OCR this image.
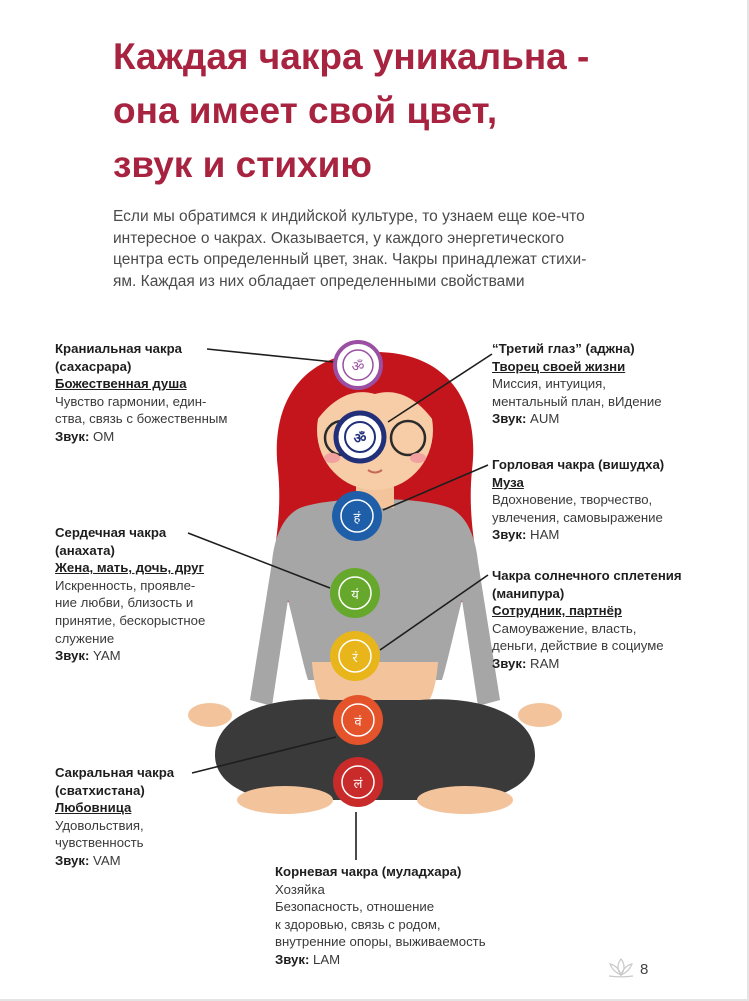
Каждая чакра уникальна -
она имеет свой цвет,
звук и стихию
Если мы обратимся к индийской культуре, то узнаем еще кое-что
интересное о чакрах. Оказывается, у каждого энергетического
центра есть определенный цвет, знак. Чакры принадлежат стихи-
ям. Каждая из них обладает определенными свойствами
ॐ
ॐ
हं
यं
रं
वं
लं
Краниальная чакра
(сахасрара)
Божественная душа
Чувство гармонии, един-
ства, связь с божественным
Звук: ОМ
“Третий глаз” (аджна)
Творец своей жизни
Миссия, интуиция,
ментальный план, вИдение
Звук: AUM
Горловая чакра (вишудха)
Муза
Вдохновение, творчество,
увлечения, самовыражение
Звук: HAM
Сердечная чакра
(анахата)
Жена, мать, дочь, друг
Искренность, проявле-
ние любви, близость и
принятие, бескорыстное
служение
Звук: YAM
Чакра солнечного сплетения
(манипура)
Сотрудник, партнёр
Самоуважение, власть,
деньги, действие в социуме
Звук: RAM
Сакральная чакра
(сватхистана)
Любовница
Удовольствия,
чувственность
Звук: VAM
Корневая чакра (муладхара)
Хозяйка
Безопасность, отношение
к здоровью, связь с родом,
внутренние опоры, выживаемость
Звук: LAM
8
